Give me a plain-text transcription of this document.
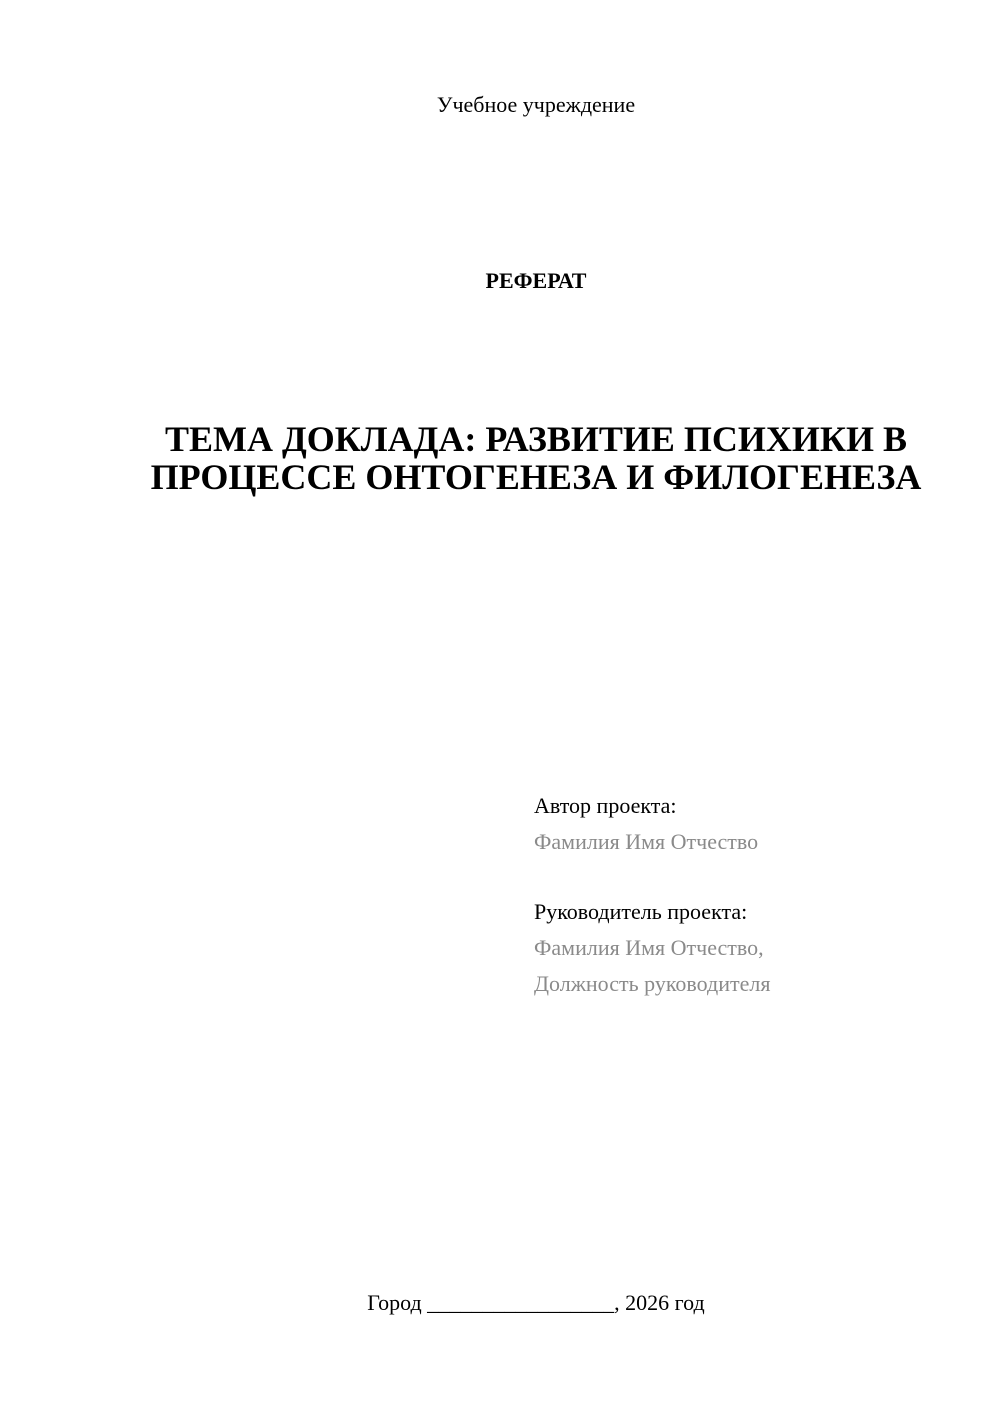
Учебное учреждение
РЕФЕРАТ
ТЕМА ДОКЛАДА: РАЗВИТИЕ ПСИХИКИ В ПРОЦЕССЕ ОНТОГЕНЕЗА И ФИЛОГЕНЕЗА
Автор проекта:
Фамилия Имя Отчество
Руководитель проекта:
Фамилия Имя Отчество,
Должность руководителя
Город _________________, 2026 год
